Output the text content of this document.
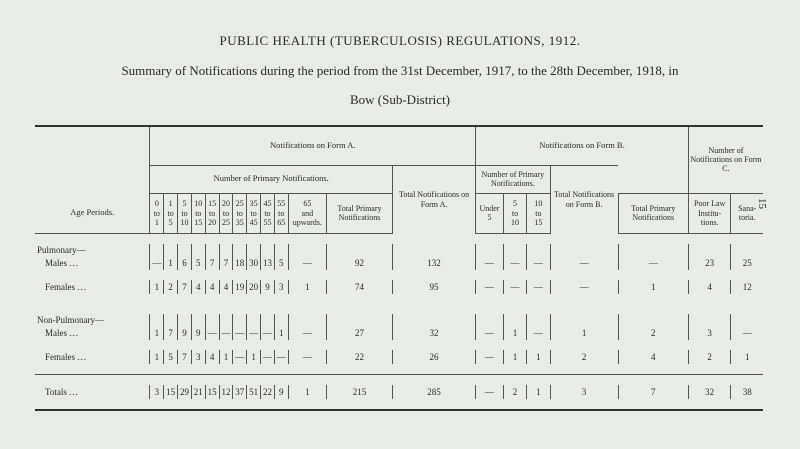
PUBLIC HEALTH (TUBERCULOSIS) REGULATIONS, 1912.
Summary of Notifications during the period from the 31st December, 1917, to the 28th December, 1918, in
Bow (Sub-District)
15
	Notifications on Form A.													Notifications on Form B.					Number of Notifications on Form C.	
	Number of Primary Notifications.												Total Notifications on Form A.	Number of Primary Notifications.			Total Notifications on Form B.			
Age Periods.	0
to
1	1
to
5	5
to
10	10
to
15	15
to
20	20
to
25	25
to
35	35
to
45	45
to
55	55
to
65	65
and
upwards.	Total Primary Notifications		Under
5	5
to
10	10
to
15		Total Primary Notifications	Poor Law Institu- tions.	Sana- toria.

Pulmonary—																				
Males ...	—	1	6	5	7	7	18	30	13	5	—	92	132	—	—	—	—	—	23	25

Females ...	1	2	7	4	4	4	19	20	9	3	1	74	95	—	—	—	—	1	4	12

Non-Pulmonary—																				
Males ...	1	7	9	9	—	—	—	—	—	1	—	27	32	—	1	—	1	2	3	—

Females ...	1	5	7	3	4	1	—	1	—	—	—	22	26	—	1	1	2	4	2	1

Totals ...	3	15	29	21	15	12	37	51	22	9	1	215	285	—	2	1	3	7	32	38
